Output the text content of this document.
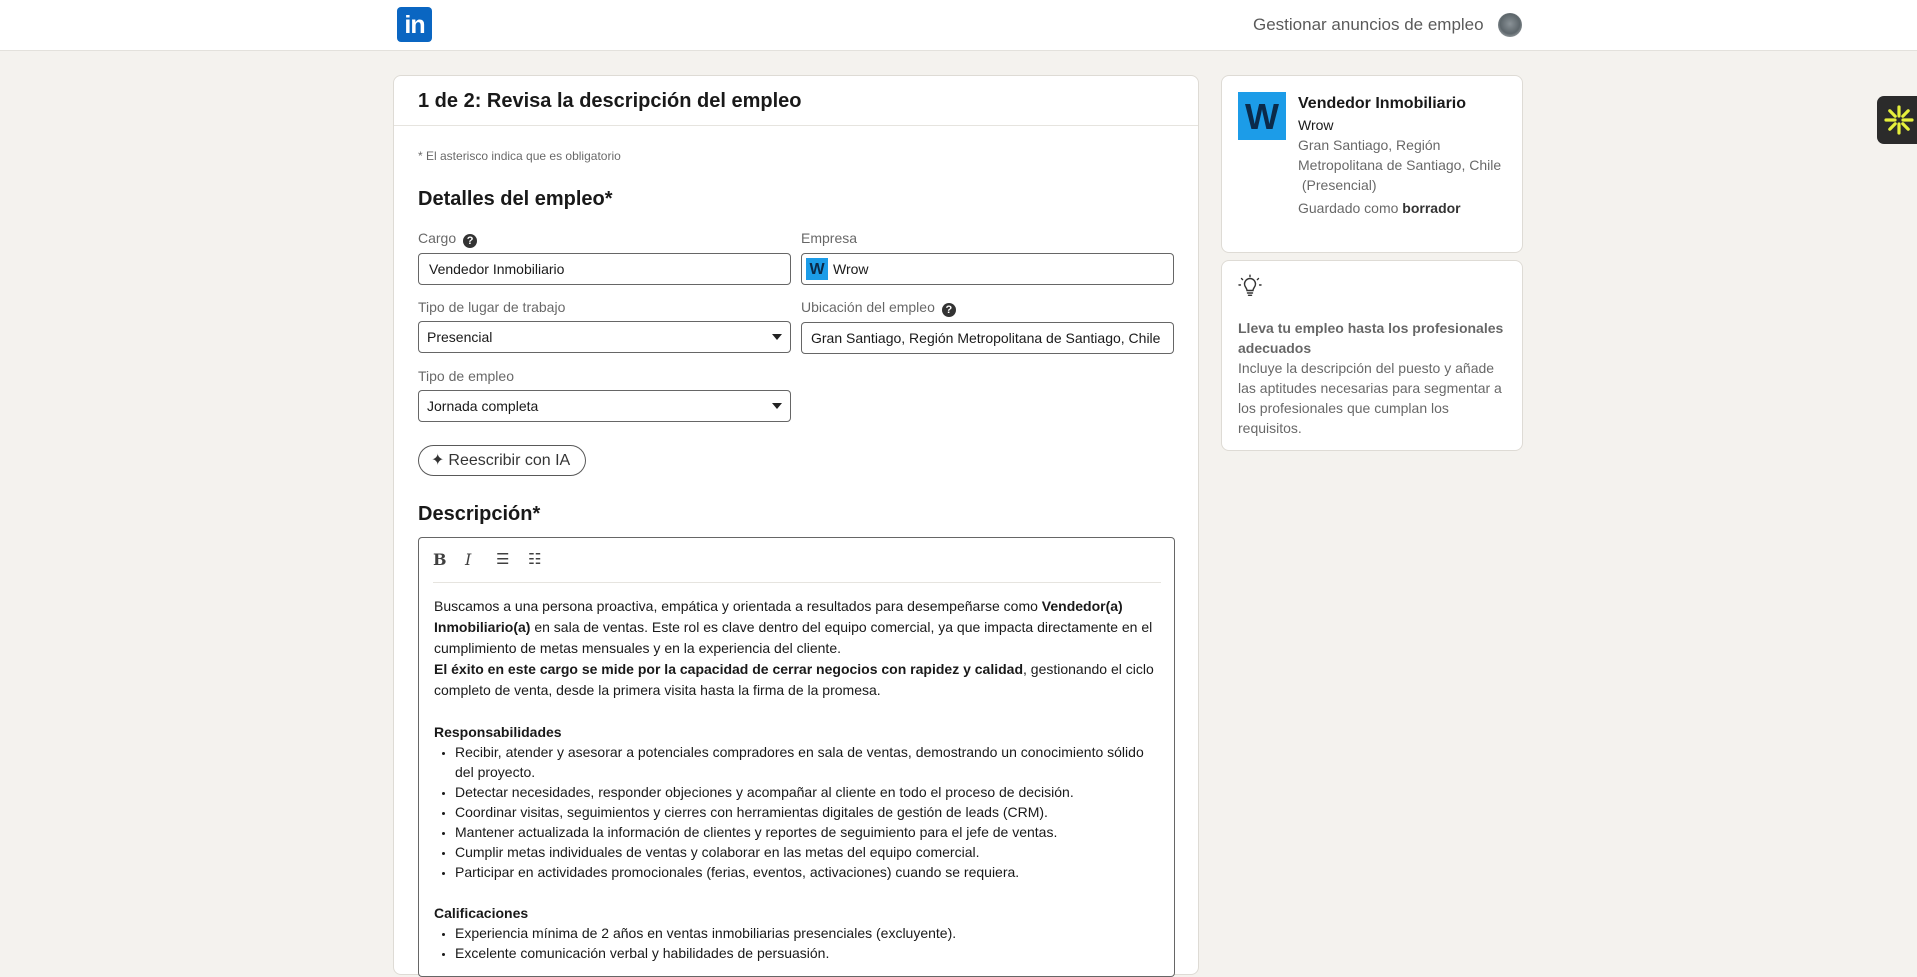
in	Gestionar anuncios de empleo
1 de 2: Revisa la descripción del empleo
* El asterisco indica que es obligatorio
Detalles del empleo*
Cargo ?
Vendedor Inmobiliario
Empresa
W Wrow
Tipo de lugar de trabajo
Presencial
Ubicación del empleo ?
Gran Santiago, Región Metropolitana de Santiago, Chile
Tipo de empleo
Jornada completa
✦ Reescribir con IA
Descripción*
B I ☰ ☷

Buscamos a una persona proactiva, empática y orientada a resultados para desempeñarse como Vendedor(a) Inmobiliario(a) en sala de ventas. Este rol es clave dentro del equipo comercial, ya que impacta directamente en el cumplimiento de metas mensuales y en la experiencia del cliente.

El éxito en este cargo se mide por la capacidad de cerrar negocios con rapidez y calidad, gestionando el ciclo completo de venta, desde la primera visita hasta la firma de la promesa.

Responsabilidades

• Recibir, atender y asesorar a potenciales compradores en sala de ventas, demostrando un conocimiento sólido del proyecto.
• Detectar necesidades, responder objeciones y acompañar al cliente en todo el proceso de decisión.
• Coordinar visitas, seguimientos y cierres con herramientas digitales de gestión de leads (CRM).
• Mantener actualizada la información de clientes y reportes de seguimiento para el jefe de ventas.
• Cumplir metas individuales de ventas y colaborar en las metas del equipo comercial.
• Participar en actividades promocionales (ferias, eventos, activaciones) cuando se requiera.

Calificaciones

• Experiencia mínima de 2 años en ventas inmobiliarias presenciales (excluyente).
• Excelente comunicación verbal y habilidades de persuasión.
W	Vendedor Inmobiliario
Wrow
Gran Santiago, Región Metropolitana de Santiago, Chile
(Presencial)
Guardado como borrador
Lleva tu empleo hasta los profesionales adecuados
Incluye la descripción del puesto y añade las aptitudes necesarias para segmentar a los profesionales que cumplan los requisitos.
